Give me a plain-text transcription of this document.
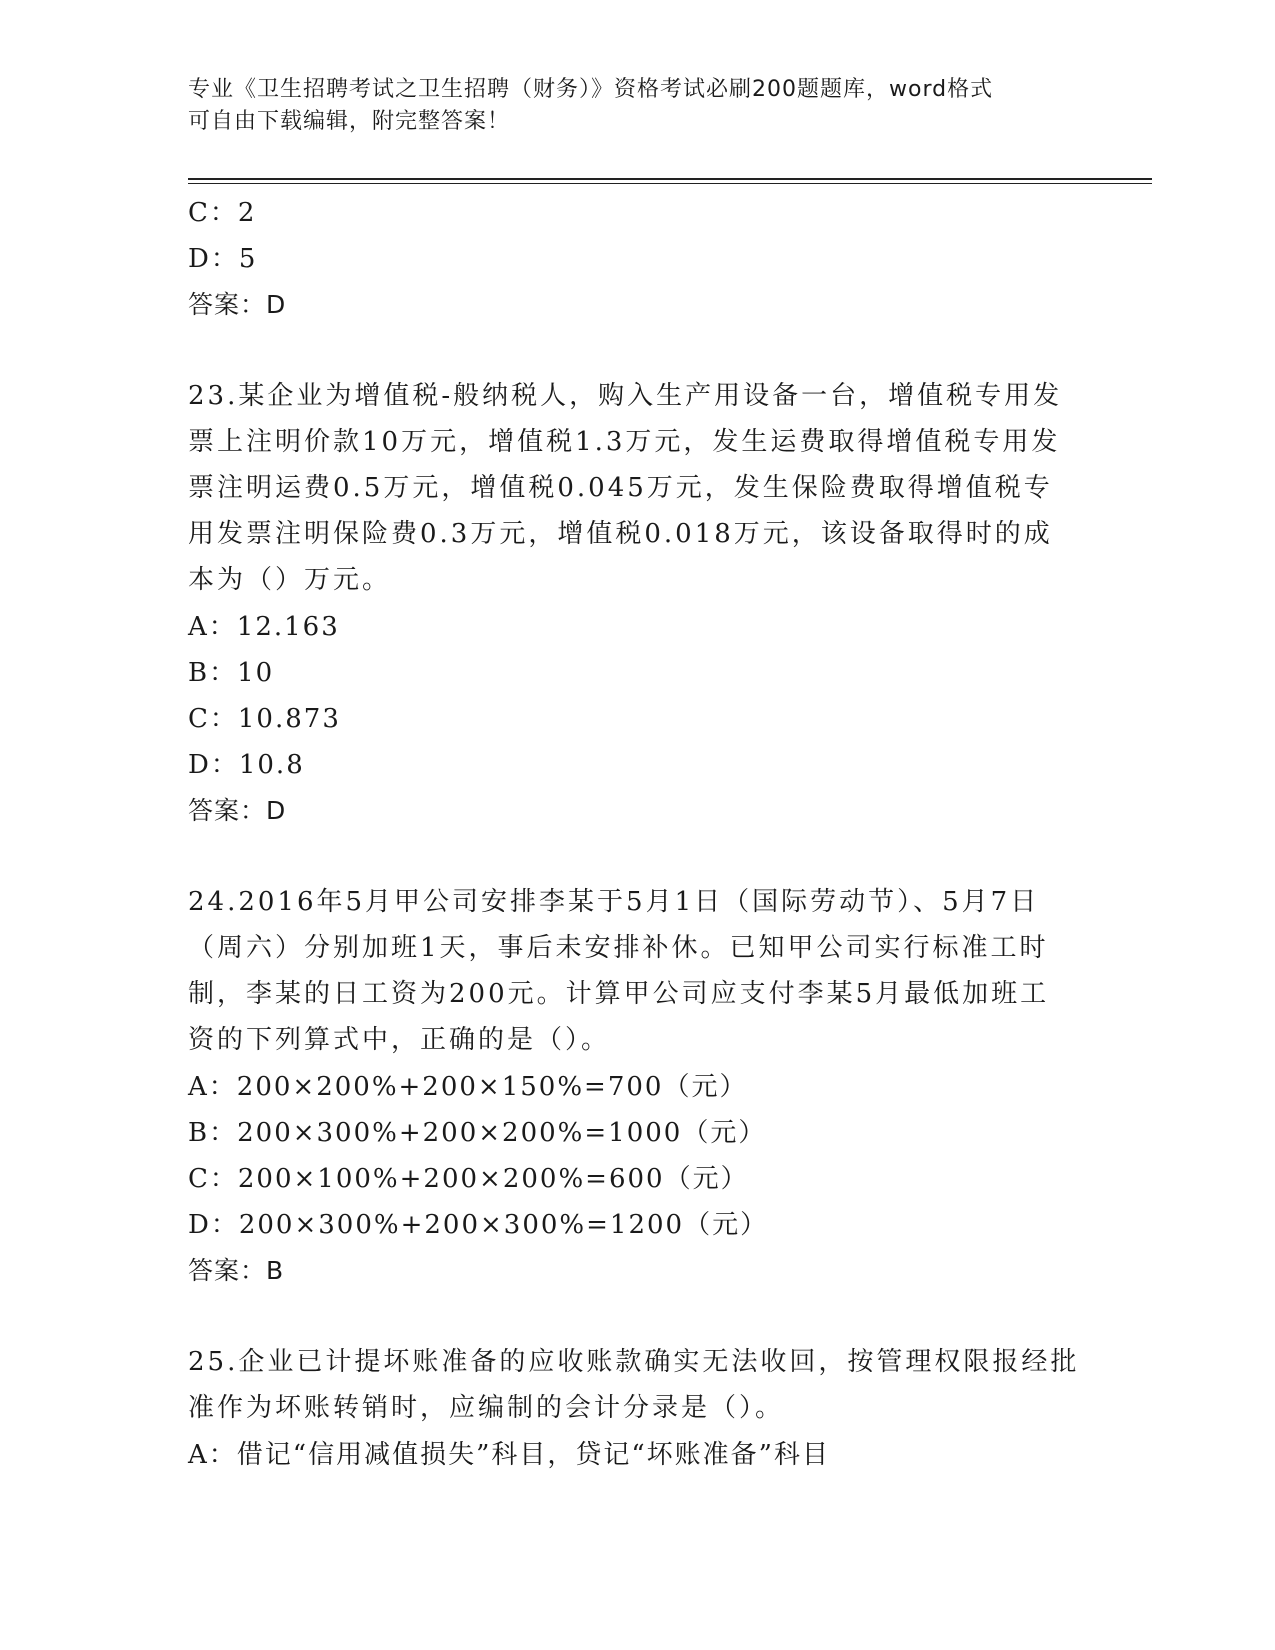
专业《卫生招聘考试之卫生招聘（财务）》资格考试必刷200题题库，word格式
可自由下载编辑，附完整答案！
C：2
D：5
答案：D
23.某企业为增值税-般纳税人，购入生产用设备一台，增值税专用发
票上注明价款10万元，增值税1.3万元，发生运费取得增值税专用发
票注明运费0.5万元，增值税0.045万元，发生保险费取得增值税专
用发票注明保险费0.3万元，增值税0.018万元，该设备取得时的成
本为（）万元。
A：12.163
B：10
C：10.873
D：10.8
答案：D
24.2016年5月甲公司安排李某于5月1日（国际劳动节）、5月7日
（周六）分别加班1天，事后未安排补休。已知甲公司实行标准工时
制，李某的日工资为200元。计算甲公司应支付李某5月最低加班工
资的下列算式中，正确的是（）。
A：200×200%+200×150%=700（元）
B：200×300%+200×200%=1000（元）
C：200×100%+200×200%=600（元）
D：200×300%+200×300%=1200（元）
答案：B
25.企业已计提坏账准备的应收账款确实无法收回，按管理权限报经批
准作为坏账转销时，应编制的会计分录是（）。
A：借记“信用减值损失”科目，贷记“坏账准备”科目
